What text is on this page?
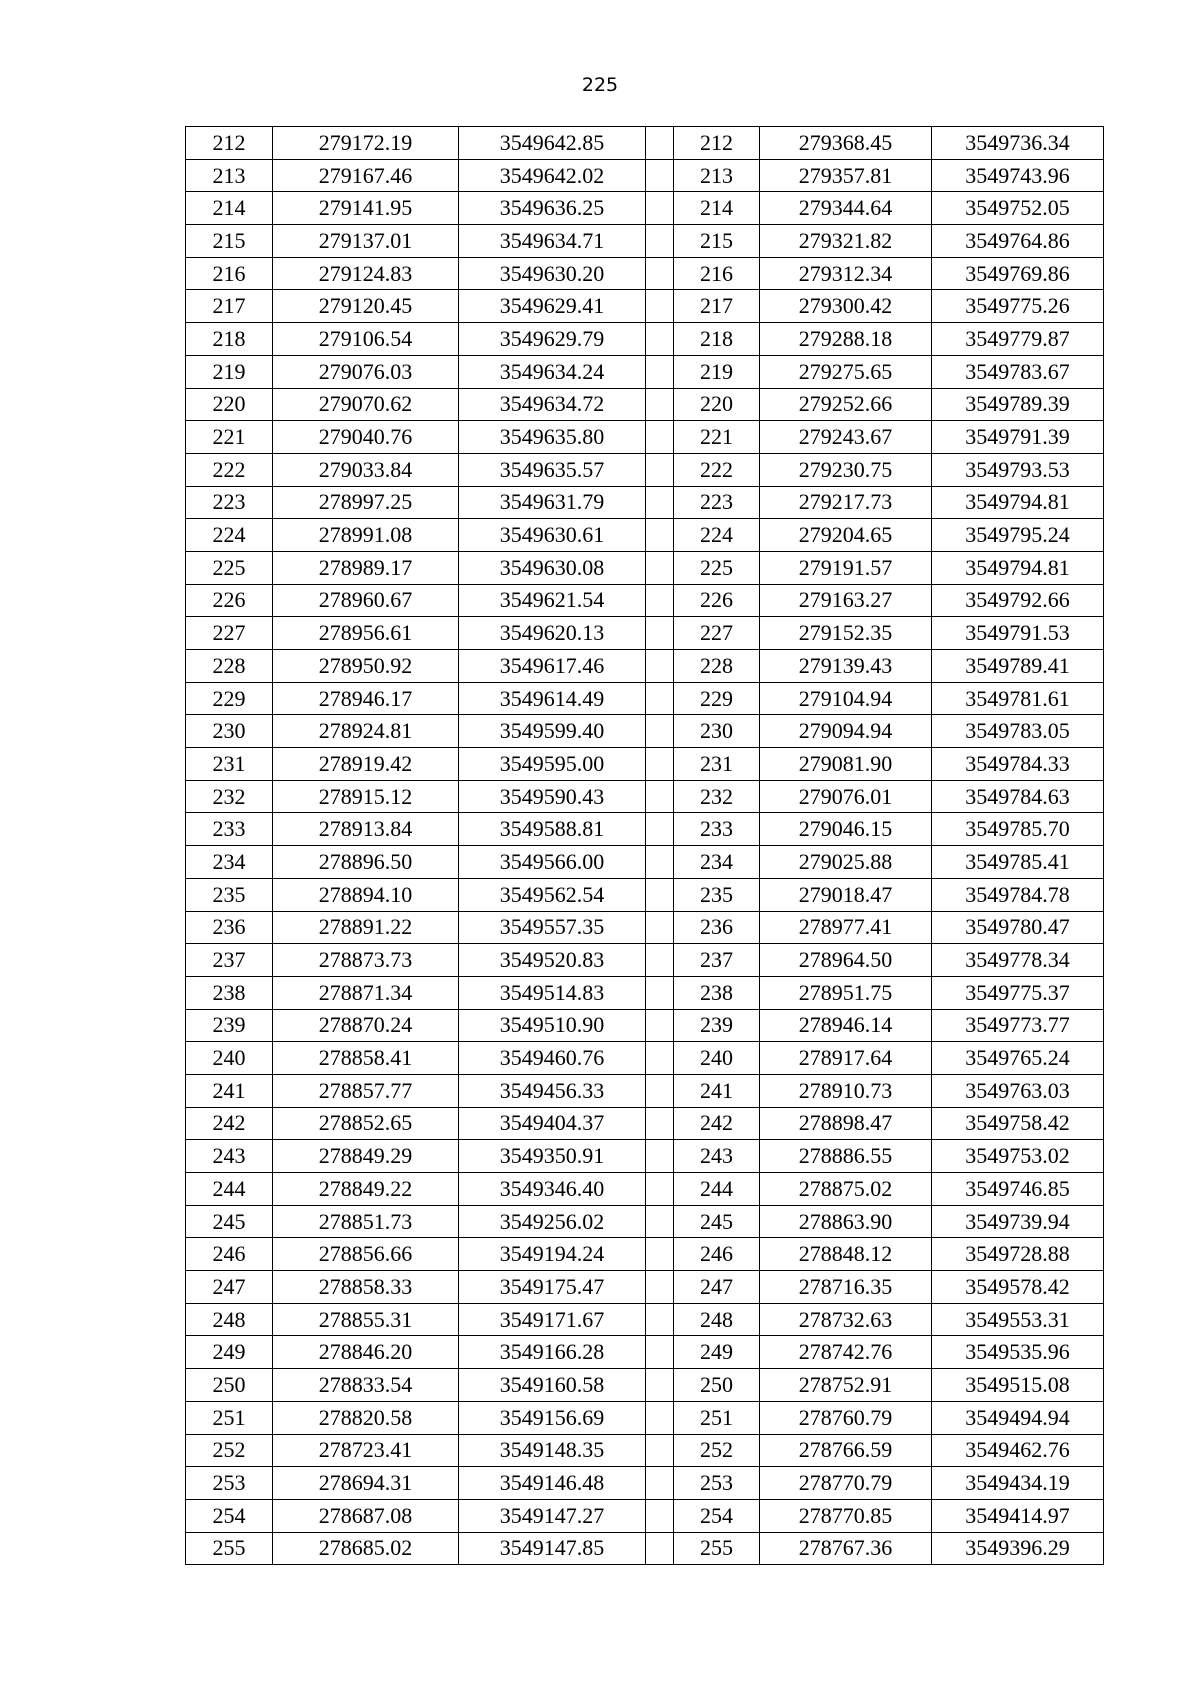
225
212	279172.19	3549642.85		212	279368.45	3549736.34
213	279167.46	3549642.02		213	279357.81	3549743.96
214	279141.95	3549636.25		214	279344.64	3549752.05
215	279137.01	3549634.71		215	279321.82	3549764.86
216	279124.83	3549630.20		216	279312.34	3549769.86
217	279120.45	3549629.41		217	279300.42	3549775.26
218	279106.54	3549629.79		218	279288.18	3549779.87
219	279076.03	3549634.24		219	279275.65	3549783.67
220	279070.62	3549634.72		220	279252.66	3549789.39
221	279040.76	3549635.80		221	279243.67	3549791.39
222	279033.84	3549635.57		222	279230.75	3549793.53
223	278997.25	3549631.79		223	279217.73	3549794.81
224	278991.08	3549630.61		224	279204.65	3549795.24
225	278989.17	3549630.08		225	279191.57	3549794.81
226	278960.67	3549621.54		226	279163.27	3549792.66
227	278956.61	3549620.13		227	279152.35	3549791.53
228	278950.92	3549617.46		228	279139.43	3549789.41
229	278946.17	3549614.49		229	279104.94	3549781.61
230	278924.81	3549599.40		230	279094.94	3549783.05
231	278919.42	3549595.00		231	279081.90	3549784.33
232	278915.12	3549590.43		232	279076.01	3549784.63
233	278913.84	3549588.81		233	279046.15	3549785.70
234	278896.50	3549566.00		234	279025.88	3549785.41
235	278894.10	3549562.54		235	279018.47	3549784.78
236	278891.22	3549557.35		236	278977.41	3549780.47
237	278873.73	3549520.83		237	278964.50	3549778.34
238	278871.34	3549514.83		238	278951.75	3549775.37
239	278870.24	3549510.90		239	278946.14	3549773.77
240	278858.41	3549460.76		240	278917.64	3549765.24
241	278857.77	3549456.33		241	278910.73	3549763.03
242	278852.65	3549404.37		242	278898.47	3549758.42
243	278849.29	3549350.91		243	278886.55	3549753.02
244	278849.22	3549346.40		244	278875.02	3549746.85
245	278851.73	3549256.02		245	278863.90	3549739.94
246	278856.66	3549194.24		246	278848.12	3549728.88
247	278858.33	3549175.47		247	278716.35	3549578.42
248	278855.31	3549171.67		248	278732.63	3549553.31
249	278846.20	3549166.28		249	278742.76	3549535.96
250	278833.54	3549160.58		250	278752.91	3549515.08
251	278820.58	3549156.69		251	278760.79	3549494.94
252	278723.41	3549148.35		252	278766.59	3549462.76
253	278694.31	3549146.48		253	278770.79	3549434.19
254	278687.08	3549147.27		254	278770.85	3549414.97
255	278685.02	3549147.85		255	278767.36	3549396.29
